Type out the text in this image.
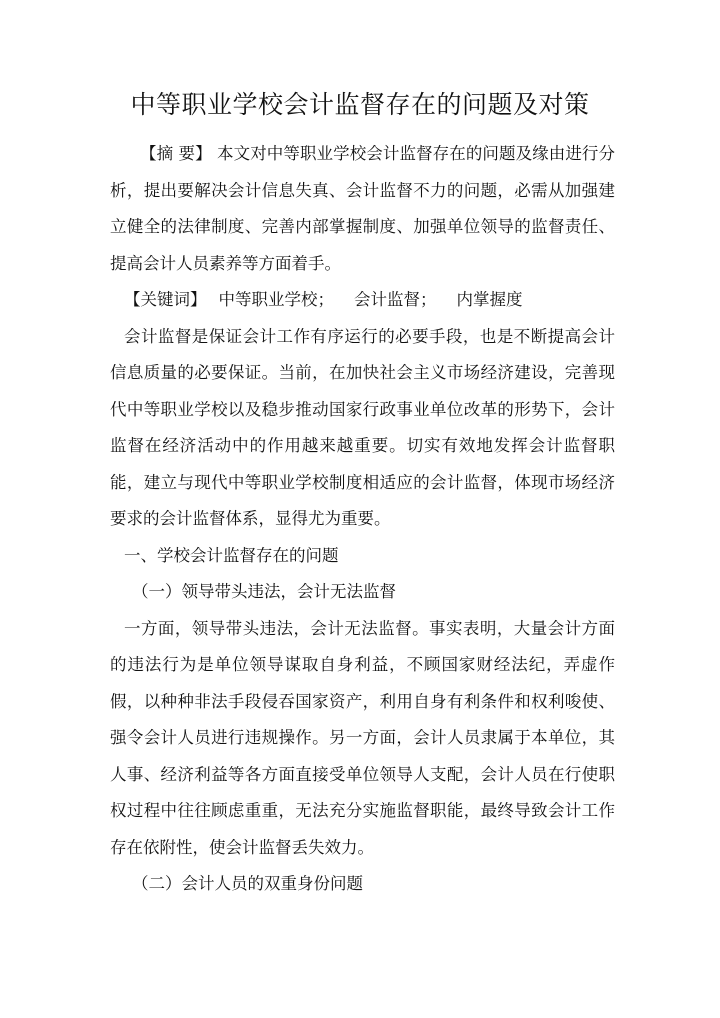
中等职业学校会计监督存在的问题及对策

【摘 要】 本文对中等职业学校会计监督存在的问题及缘由进行分析，提出要解决会计信息失真、会计监督不力的问题，必需从加强建立健全的法律制度、完善内部掌握制度、加强单位领导的监督责任、提高会计人员素养等方面着手。

【关键词】 中等职业学校； 会计监督； 内掌握度

会计监督是保证会计工作有序运行的必要手段，也是不断提高会计信息质量的必要保证。当前，在加快社会主义市场经济建设，完善现代中等职业学校以及稳步推动国家行政事业单位改革的形势下，会计监督在经济活动中的作用越来越重要。切实有效地发挥会计监督职能，建立与现代中等职业学校制度相适应的会计监督，体现市场经济要求的会计监督体系，显得尤为重要。

一、学校会计监督存在的问题

（一）领导带头违法，会计无法监督

一方面，领导带头违法，会计无法监督。事实表明，大量会计方面的违法行为是单位领导谋取自身利益，不顾国家财经法纪，弄虚作假，以种种非法手段侵吞国家资产，利用自身有利条件和权利唆使、强令会计人员进行违规操作。另一方面，会计人员隶属于本单位，其人事、经济利益等各方面直接受单位领导人支配，会计人员在行使职权过程中往往顾虑重重，无法充分实施监督职能，最终导致会计工作存在依附性，使会计监督丢失效力。

（二）会计人员的双重身份问题
